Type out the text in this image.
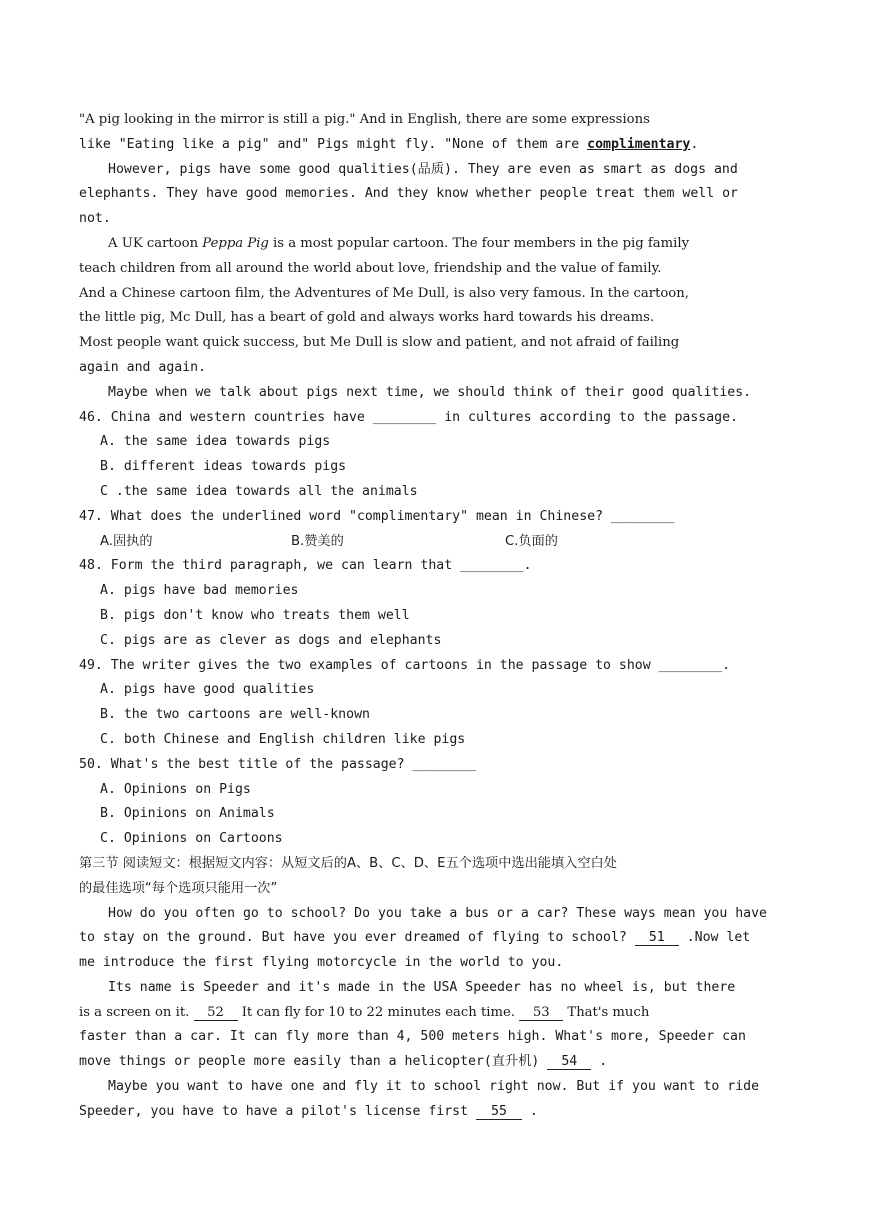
"A pig looking in the mirror is still a pig." And in English, there are some expressions
like "Eating like a pig" and" Pigs might fly. "None of them are complimentary.
However, pigs have some good qualities(品质). They are even as smart as dogs and
elephants. They have good memories. And they know whether people treat them well or
not.
A UK cartoon Peppa Pig is a most popular cartoon. The four members in the pig family
teach children from all around the world about love, friendship and the value of family.
And a Chinese cartoon film, the Adventures of Me Dull, is also very famous. In the cartoon,
the little pig, Mc Dull, has a beart of gold and always works hard towards his dreams.
Most people want quick success, but Me Dull is slow and patient, and not afraid of failing
again and again.
Maybe when we talk about pigs next time, we should think of their good qualities.
46. China and western countries have ________ in cultures according to the passage.
A. the same idea towards pigs
B. different ideas towards pigs
C .the same idea towards all the animals
47. What does the underlined word "complimentary" mean in Chinese? ________
A.固执的	B.赞美的	C.负面的
48. Form the third paragraph, we can learn that ________.
A. pigs have bad memories
B. pigs don't know who treats them well
C. pigs are as clever as dogs and elephants
49. The writer gives the two examples of cartoons in the passage to show ________.
A. pigs have good qualities
B. the two cartoons are well-known
C. both Chinese and English children like pigs
50. What's the best title of the passage? ________
A. Opinions on Pigs
B. Opinions on Animals
C. Opinions on Cartoons
第三节 阅读短文：根据短文内容：从短文后的A、B、C、D、E五个选项中选出能填入空白处
的最佳选项“每个选项只能用一次”
How do you often go to school? Do you take a bus or a car? These ways mean you have
to stay on the ground. But have you ever dreamed of flying to school? 51 .Now let
me introduce the first flying motorcycle in the world to you.
Its name is Speeder and it's made in the USA Speeder has no wheel is, but there
is a screen on it. 52 It can fly for 10 to 22 minutes each time. 53 That's much
faster than a car. It can fly more than 4, 500 meters high. What's more, Speeder can
move things or people more easily than a helicopter(直升机) 54 .
Maybe you want to have one and fly it to school right now. But if you want to ride
Speeder, you have to have a pilot's license first 55 .
